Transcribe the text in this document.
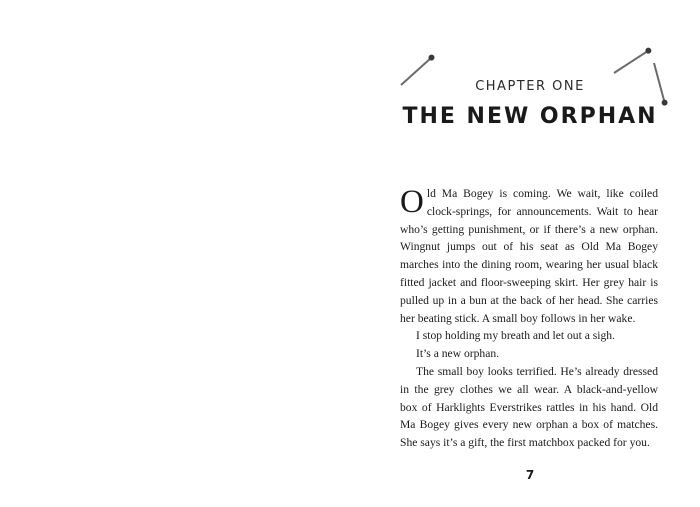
CHAPTER ONE
THE NEW ORPHAN

Old Ma Bogey is coming. We wait, like coiled clock-springs, for announcements. Wait to hear who’s getting punishment, or if there’s a new orphan. Wingnut jumps out of his seat as Old Ma Bogey marches into the dining room, wearing her usual black fitted jacket and floor-sweeping skirt. Her grey hair is pulled up in a bun at the back of her head. She carries her beating stick. A small boy follows in her wake.

I stop holding my breath and let out a sigh.

It’s a new orphan.

The small boy looks terrified. He’s already dressed in the grey clothes we all wear. A black-and-yellow box of Harklights Everstrikes rattles in his hand. Old Ma Bogey gives every new orphan a box of matches. She says it’s a gift, the first matchbox packed for you.

7
